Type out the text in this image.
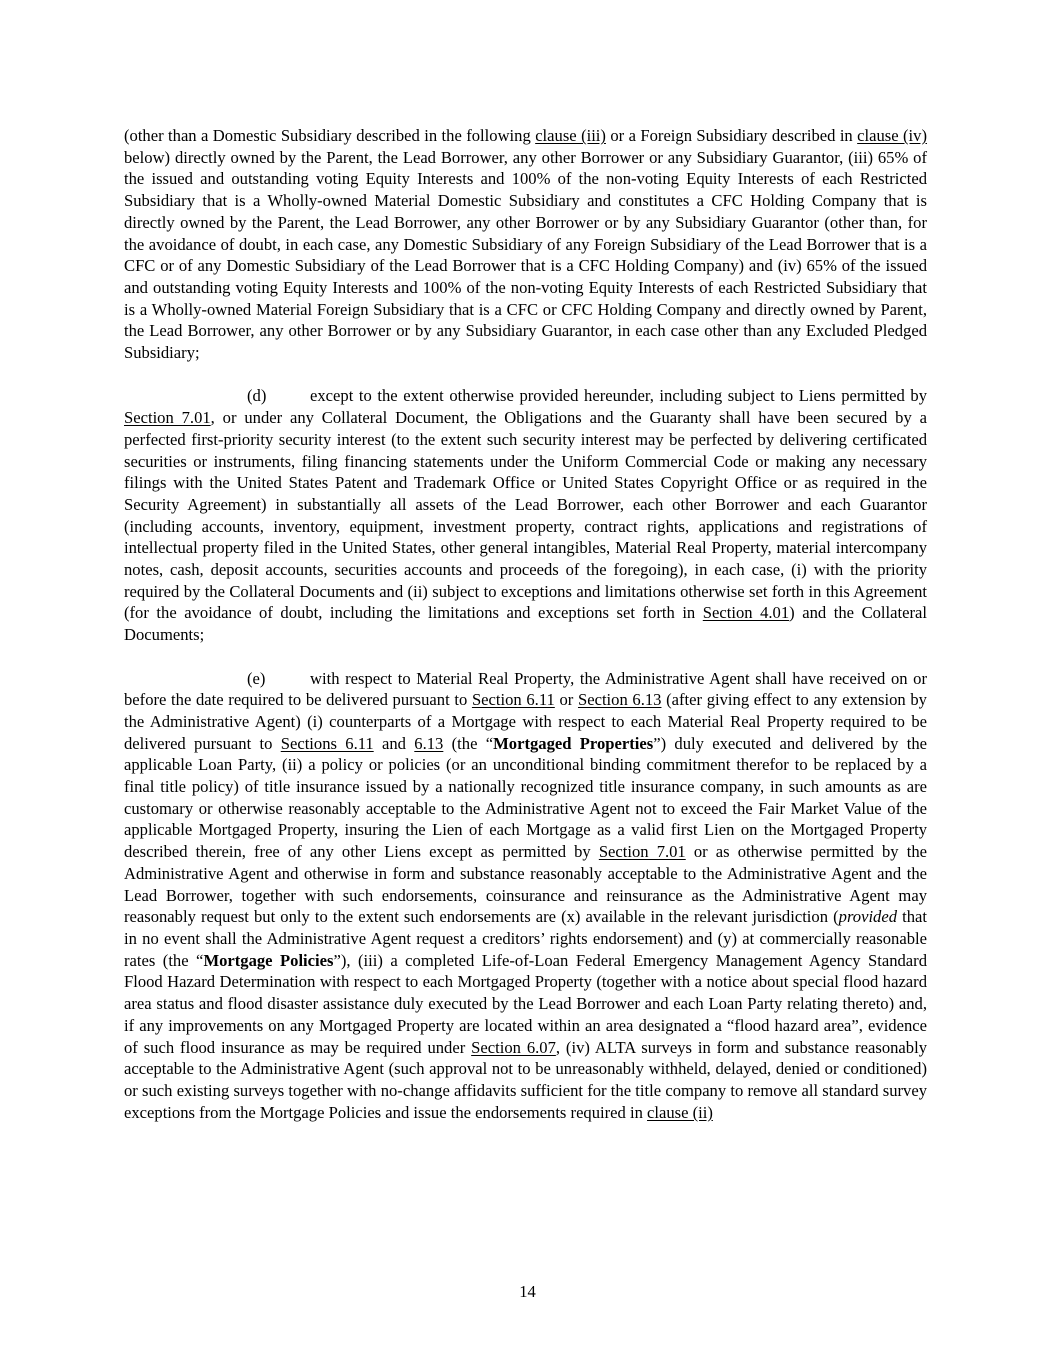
(other than a Domestic Subsidiary described in the following clause (iii) or a Foreign Subsidiary described in clause (iv) below) directly owned by the Parent, the Lead Borrower, any other Borrower or any Subsidiary Guarantor, (iii) 65% of the issued and outstanding voting Equity Interests and 100% of the non-voting Equity Interests of each Restricted Subsidiary that is a Wholly-owned Material Domestic Subsidiary and constitutes a CFC Holding Company that is directly owned by the Parent, the Lead Borrower, any other Borrower or by any Subsidiary Guarantor (other than, for the avoidance of doubt, in each case, any Domestic Subsidiary of any Foreign Subsidiary of the Lead Borrower that is a CFC or of any Domestic Subsidiary of the Lead Borrower that is a CFC Holding Company) and (iv) 65% of the issued and outstanding voting Equity Interests and 100% of the non-voting Equity Interests of each Restricted Subsidiary that is a Wholly-owned Material Foreign Subsidiary that is a CFC or CFC Holding Company and directly owned by Parent, the Lead Borrower, any other Borrower or by any Subsidiary Guarantor, in each case other than any Excluded Pledged Subsidiary;

(d)	except to the extent otherwise provided hereunder, including subject to Liens permitted by Section 7.01, or under any Collateral Document, the Obligations and the Guaranty shall have been secured by a perfected first-priority security interest (to the extent such security interest may be perfected by delivering certificated securities or instruments, filing financing statements under the Uniform Commercial Code or making any necessary filings with the United States Patent and Trademark Office or United States Copyright Office or as required in the Security Agreement) in substantially all assets of the Lead Borrower, each other Borrower and each Guarantor (including accounts, inventory, equipment, investment property, contract rights, applications and registrations of intellectual property filed in the United States, other general intangibles, Material Real Property, material intercompany notes, cash, deposit accounts, securities accounts and proceeds of the foregoing), in each case, (i) with the priority required by the Collateral Documents and (ii) subject to exceptions and limitations otherwise set forth in this Agreement (for the avoidance of doubt, including the limitations and exceptions set forth in Section 4.01) and the Collateral Documents;

(e)	with respect to Material Real Property, the Administrative Agent shall have received on or before the date required to be delivered pursuant to Section 6.11 or Section 6.13 (after giving effect to any extension by the Administrative Agent) (i) counterparts of a Mortgage with respect to each Material Real Property required to be delivered pursuant to Sections 6.11 and 6.13 (the “Mortgaged Properties”) duly executed and delivered by the applicable Loan Party, (ii) a policy or policies (or an unconditional binding commitment therefor to be replaced by a final title policy) of title insurance issued by a nationally recognized title insurance company, in such amounts as are customary or otherwise reasonably acceptable to the Administrative Agent not to exceed the Fair Market Value of the applicable Mortgaged Property, insuring the Lien of each Mortgage as a valid first Lien on the Mortgaged Property described therein, free of any other Liens except as permitted by Section 7.01 or as otherwise permitted by the Administrative Agent and otherwise in form and substance reasonably acceptable to the Administrative Agent and the Lead Borrower, together with such endorsements, coinsurance and reinsurance as the Administrative Agent may reasonably request but only to the extent such endorsements are (x) available in the relevant jurisdiction (provided that in no event shall the Administrative Agent request a creditors’ rights endorsement) and (y) at commercially reasonable rates (the “Mortgage Policies”), (iii) a completed Life-of-Loan Federal Emergency Management Agency Standard Flood Hazard Determination with respect to each Mortgaged Property (together with a notice about special flood hazard area status and flood disaster assistance duly executed by the Lead Borrower and each Loan Party relating thereto) and, if any improvements on any Mortgaged Property are located within an area designated a “flood hazard area”, evidence of such flood insurance as may be required under Section 6.07, (iv) ALTA surveys in form and substance reasonably acceptable to the Administrative Agent (such approval not to be unreasonably withheld, delayed, denied or conditioned) or such existing surveys together with no-change affidavits sufficient for the title company to remove all standard survey exceptions from the Mortgage Policies and issue the endorsements required in clause (ii)

14
